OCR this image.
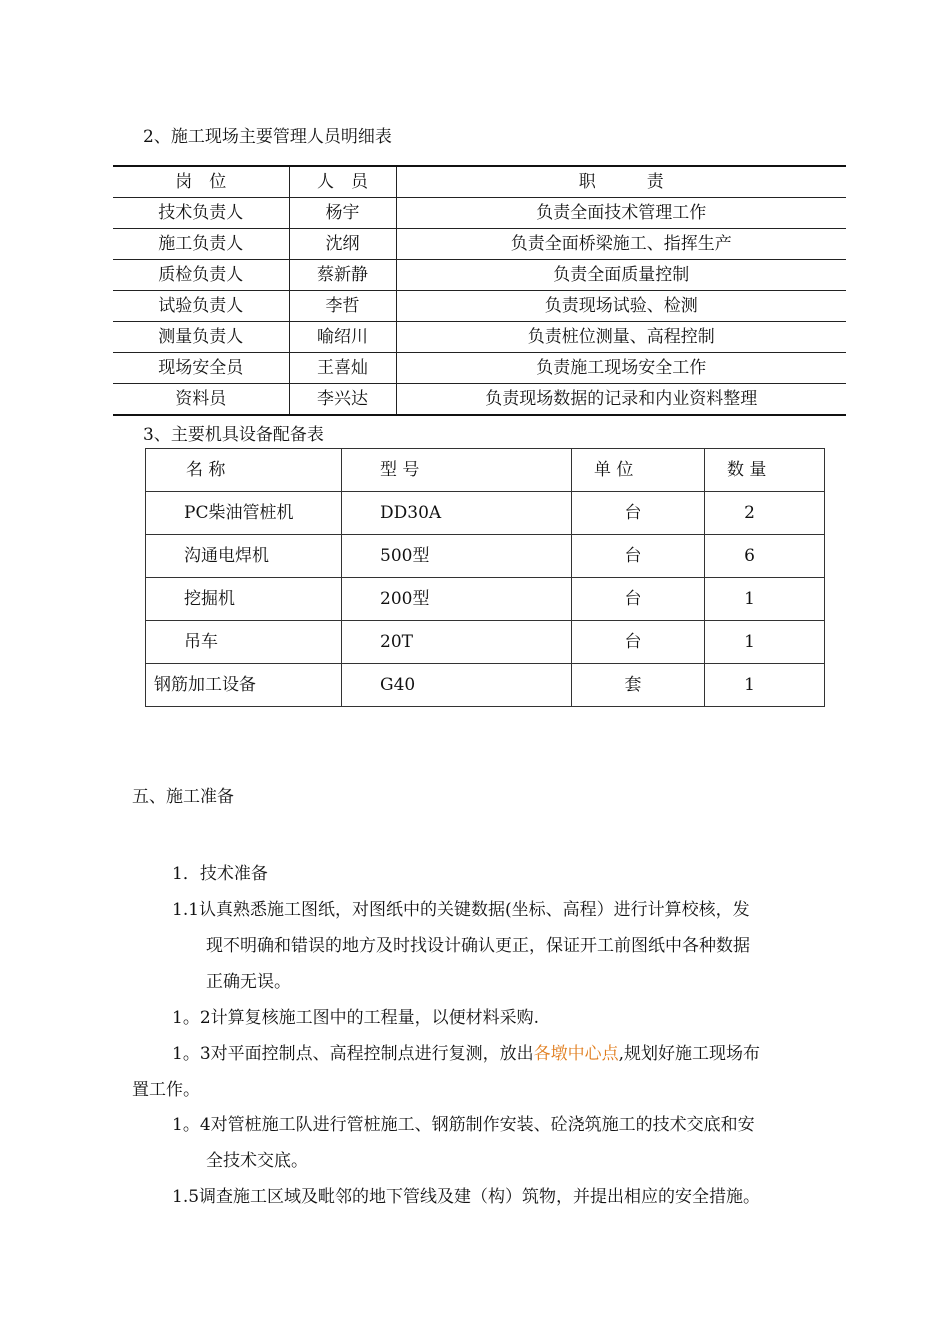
2、施工现场主要管理人员明细表
岗　位	人　员	职　　　责
技术负责人	杨宇	负责全面技术管理工作
施工负责人	沈纲	负责全面桥梁施工、指挥生产
质检负责人	蔡新静	负责全面质量控制
试验负责人	李哲	负责现场试验、检测
测量负责人	喻绍川	负责桩位测量、高程控制
现场安全员	王喜灿	负责施工现场安全工作
资料员	李兴达	负责现场数据的记录和内业资料整理
3、主要机具设备配备表
名 称	型 号	单 位	数 量
PC柴油管桩机	DD30A	台	2
沟通电焊机	500型	台	6
挖掘机	200型	台	1
吊车	20T	台	1
钢筋加工设备	G40	套	1
五、施工准备
1．技术准备
1.1认真熟悉施工图纸，对图纸中的关键数据(坐标、高程）进行计算校核，发
现不明确和错误的地方及时找设计确认更正，保证开工前图纸中各种数据
正确无误。
1。2计算复核施工图中的工程量，以便材料采购.
1。3对平面控制点、高程控制点进行复测，放出各墩中心点,规划好施工现场布
置工作。
1。4对管桩施工队进行管桩施工、钢筋制作安装、砼浇筑施工的技术交底和安
全技术交底。
1.5调查施工区域及毗邻的地下管线及建（构）筑物，并提出相应的安全措施。
